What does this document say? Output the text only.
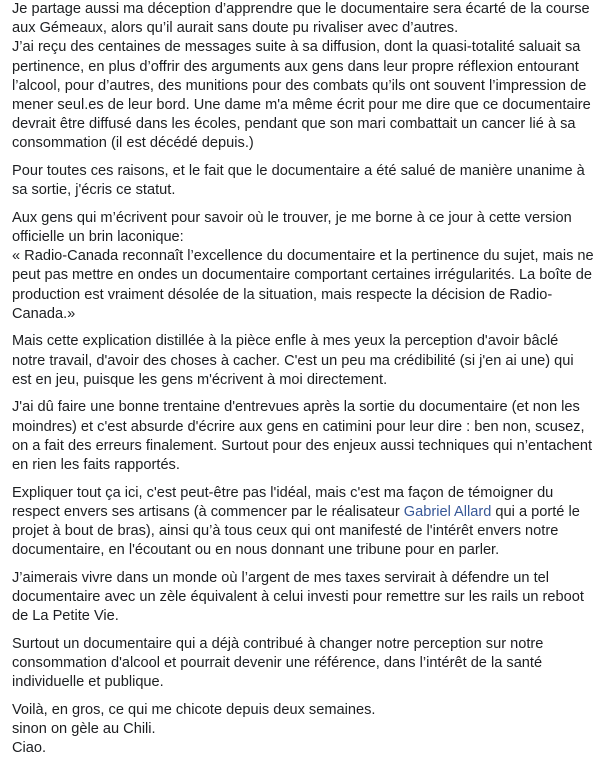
Je partage aussi ma déception d’apprendre que le documentaire sera écarté de la course aux Gémeaux, alors qu’il aurait sans doute pu rivaliser avec d’autres.
J’ai reçu des centaines de messages suite à sa diffusion, dont la quasi-totalité saluait sa pertinence, en plus d’offrir des arguments aux gens dans leur propre réflexion entourant l’alcool, pour d’autres, des munitions pour des combats qu’ils ont souvent l’impression de mener seul.es de leur bord. Une dame m'a même écrit pour me dire que ce documentaire devrait être diffusé dans les écoles, pendant que son mari combattait un cancer lié à sa consommation (il est décédé depuis.)

Pour toutes ces raisons, et le fait que le documentaire a été salué de manière unanime à sa sortie, j'écris ce statut.

Aux gens qui m’écrivent pour savoir où le trouver, je me borne à ce jour à cette version officielle un brin laconique:
« Radio-Canada reconnaît l’excellence du documentaire et la pertinence du sujet, mais ne peut pas mettre en ondes un documentaire comportant certaines irrégularités. La boîte de production est vraiment désolée de la situation, mais respecte la décision de Radio-Canada.»

Mais cette explication distillée à la pièce enfle à mes yeux la perception d'avoir bâclé notre travail, d'avoir des choses à cacher. C'est un peu ma crédibilité (si j'en ai une) qui est en jeu, puisque les gens m'écrivent à moi directement.

J'ai dû faire une bonne trentaine d'entrevues après la sortie du documentaire (et non les moindres) et c'est absurde d'écrire aux gens en catimini pour leur dire : ben non, scusez, on a fait des erreurs finalement. Surtout pour des enjeux aussi techniques qui n’entachent en rien les faits rapportés.

Expliquer tout ça ici, c'est peut-être pas l'idéal, mais c'est ma façon de témoigner du respect envers ses artisans (à commencer par le réalisateur Gabriel Allard qui a porté le projet à bout de bras), ainsi qu’à tous ceux qui ont manifesté de l'intérêt envers notre documentaire, en l'écoutant ou en nous donnant une tribune pour en parler.

J’aimerais vivre dans un monde où l’argent de mes taxes servirait à défendre un tel documentaire avec un zèle équivalent à celui investi pour remettre sur les rails un reboot de La Petite Vie.

Surtout un documentaire qui a déjà contribué à changer notre perception sur notre consommation d'alcool et pourrait devenir une référence, dans l’intérêt de la santé individuelle et publique.

Voilà, en gros, ce qui me chicote depuis deux semaines.
sinon on gèle au Chili.
Ciao.
